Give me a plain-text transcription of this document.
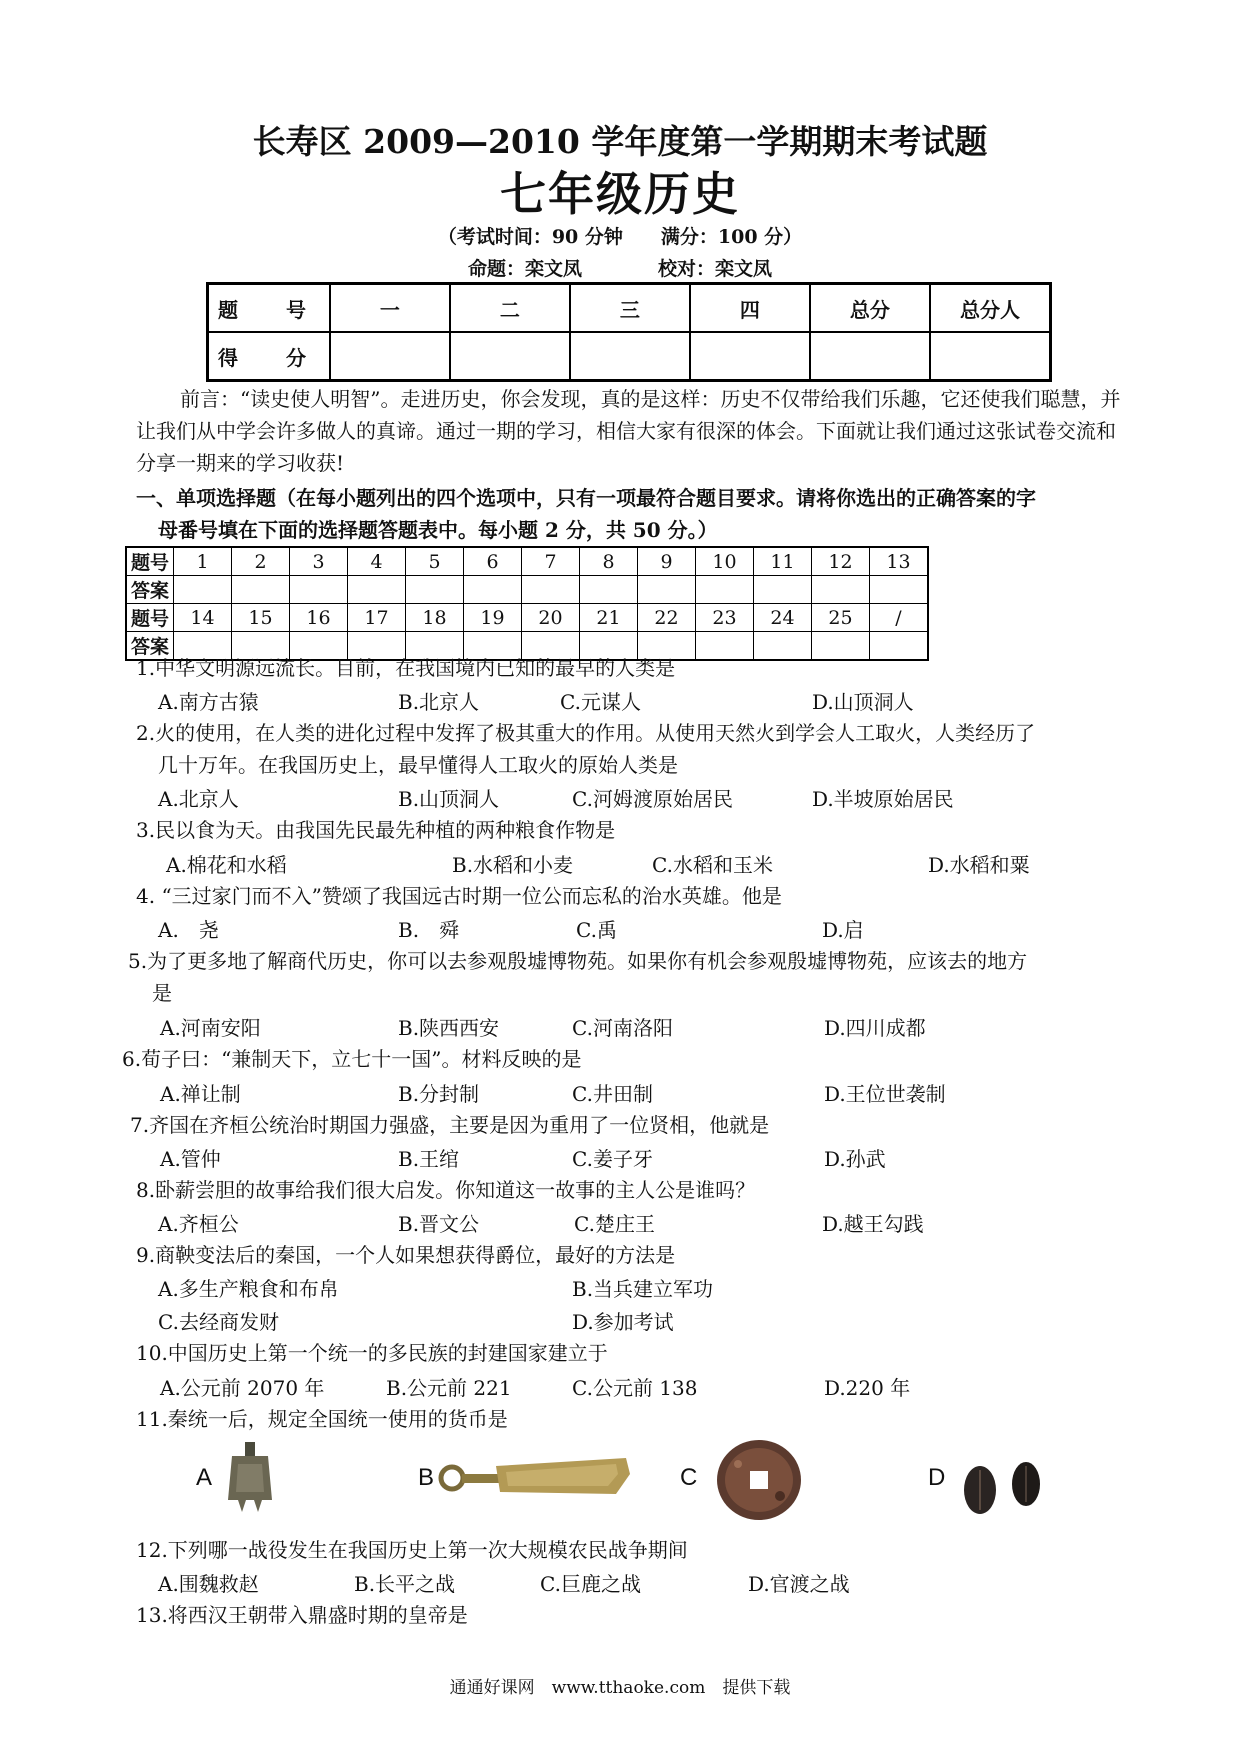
长寿区 2009—2010 学年度第一学期期末考试题
七年级历史
（考试时间：90 分钟　　满分：100 分）
命题：栾文凤　　　　校对：栾文凤
题　号	一	二	三	四	总分	总分人
得　分						
前言：“读史使人明智”。走进历史，你会发现，真的是这样：历史不仅带给我们乐趣，它还使我们聪慧，并让我们从中学会许多做人的真谛。通过一期的学习，相信大家有很深的体会。下面就让我们通过这张试卷交流和分享一期来的学习收获!
一、单项选择题（在每小题列出的四个选项中，只有一项最符合题目要求。请将你选出的正确答案的字
母番号填在下面的选择题答题表中。每小题 2 分，共 50 分。）
题号	1	2	3	4	5	6	7	8	9	10	11	12	13
答案													
题号	14	15	16	17	18	19	20	21	22	23	24	25	/
答案													
1.中华文明源远流长。目前，在我国境内已知的最早的人类是
A.南方古猿	B.北京人	C.元谋人	D.山顶洞人
2.火的使用，在人类的进化过程中发挥了极其重大的作用。从使用天然火到学会人工取火，人类经历了
几十万年。在我国历史上，最早懂得人工取火的原始人类是
A.北京人	B.山顶洞人	C.河姆渡原始居民	D.半坡原始居民
3.民以食为天。由我国先民最先种植的两种粮食作物是
A.棉花和水稻	B.水稻和小麦	C.水稻和玉米	D.水稻和粟
4. “三过家门而不入”赞颂了我国远古时期一位公而忘私的治水英雄。他是
A.　尧	B.　舜	C.禹	D.启
5.为了更多地了解商代历史，你可以去参观殷墟博物苑。如果你有机会参观殷墟博物苑，应该去的地方
是
A.河南安阳	B.陕西西安	C.河南洛阳	D.四川成都
6.荀子曰：“兼制天下，立七十一国”。材料反映的是
A.禅让制	B.分封制	C.井田制	D.王位世袭制
7.齐国在齐桓公统治时期国力强盛，主要是因为重用了一位贤相，他就是
A.管仲	B.王绾	C.姜子牙	D.孙武
8.卧薪尝胆的故事给我们很大启发。你知道这一故事的主人公是谁吗？
A.齐桓公	B.晋文公	C.楚庄王	D.越王勾践
9.商鞅变法后的秦国，一个人如果想获得爵位，最好的方法是
A.多生产粮食和布帛	B.当兵建立军功
C.去经商发财	D.参加考试
10.中国历史上第一个统一的多民族的封建国家建立于
A.公元前 2070 年	B.公元前 221	C.公元前 138	D.220 年
11.秦统一后，规定全国统一使用的货币是
A	B	C	D
12.下列哪一战役发生在我国历史上第一次大规模农民战争期间
A.围魏救赵	B.长平之战	C.巨鹿之战	D.官渡之战
13.将西汉王朝带入鼎盛时期的皇帝是
通通好课网　www.tthaoke.com　提供下载
